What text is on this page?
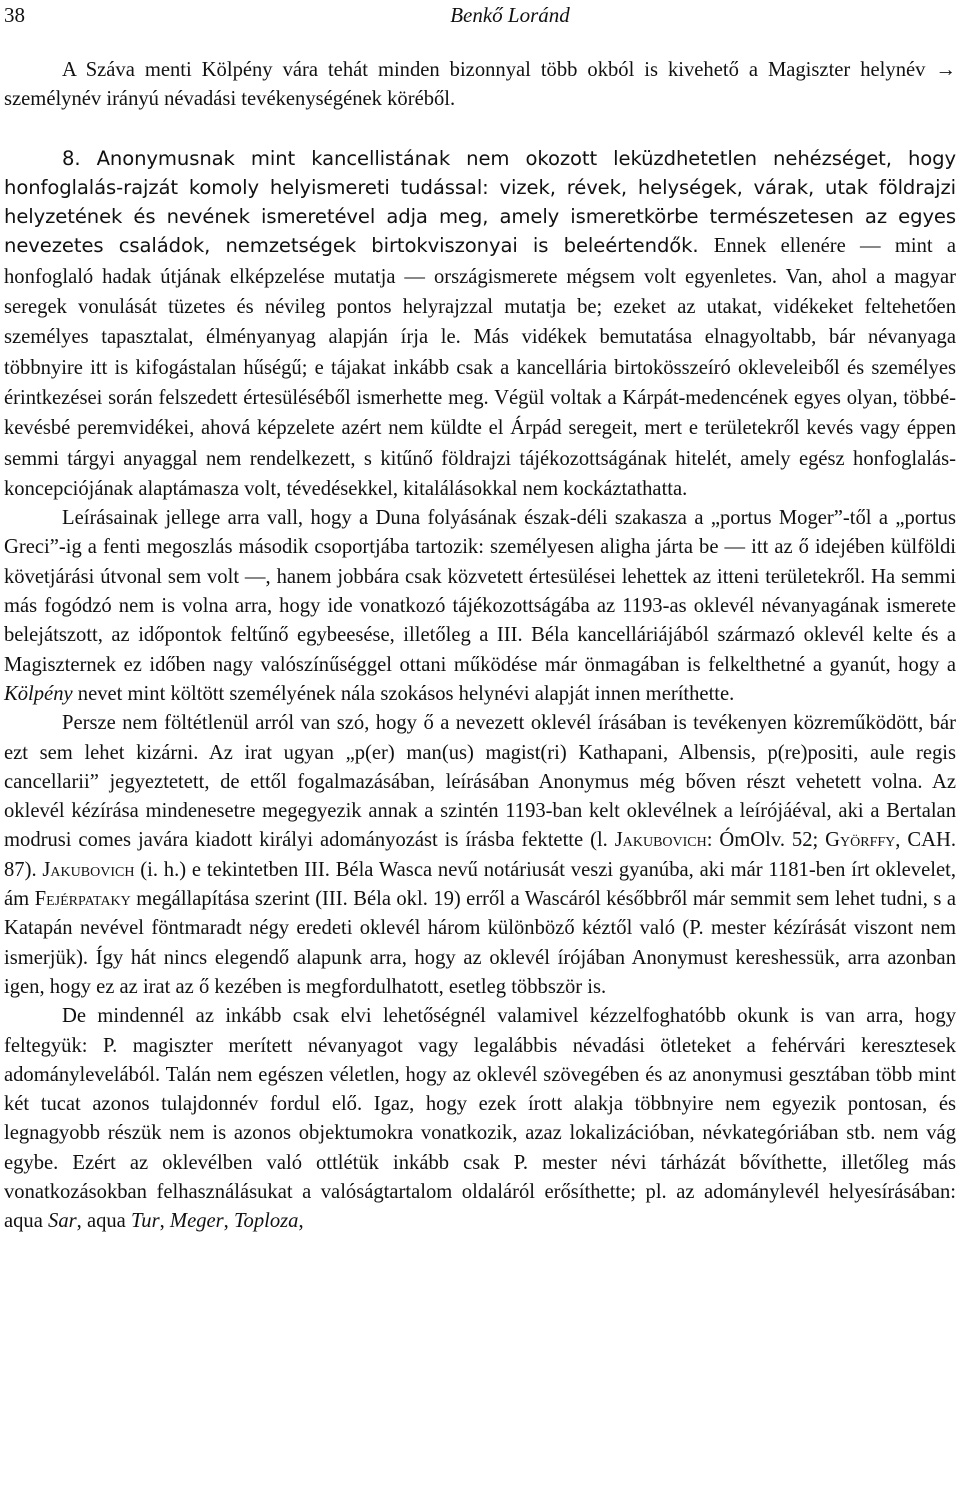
38	Benkő Loránd

A Száva menti Kölpény vára tehát minden bizonnyal több okból is kivehető a Magiszter helynév → személynév irányú névadási tevékenységének köréből.

8. Anonymusnak mint kancellistának nem okozott leküzdhetetlen nehézséget, hogy honfoglalás-rajzát komoly helyismereti tudással: vizek, révek, helységek, várak, utak földrajzi helyzetének és nevének ismeretével adja meg, amely ismeretkörbe természetesen az egyes nevezetes családok, nemzetségek birtokviszonyai is beleértendők. Ennek ellenére — mint a honfoglaló hadak útjának elképzelése mutatja — országismerete mégsem volt egyenletes. Van, ahol a magyar seregek vonulását tüzetes és névileg pontos helyrajzzal mutatja be; ezeket az utakat, vidékeket feltehetően személyes tapasztalat, élményanyag alapján írja le. Más vidékek bemutatása elnagyoltabb, bár névanyaga többnyire itt is kifogástalan hűségű; e tájakat inkább csak a kancellária birtokösszeíró okleveleiből és személyes érintkezései során felszedett értesüléséből ismerhette meg. Végül voltak a Kárpát-medencének egyes olyan, többé-kevésbé peremvidékei, ahová képzelete azért nem küldte el Árpád seregeit, mert e területekről kevés vagy éppen semmi tárgyi anyaggal nem rendelkezett, s kitűnő földrajzi tájékozottságának hitelét, amely egész honfoglalás-koncepciójának alaptámasza volt, tévedésekkel, kitalálásokkal nem kockáztathatta.

Leírásainak jellege arra vall, hogy a Duna folyásának észak-déli szakasza a „portus Moger”-től a „portus Greci”-ig a fenti megoszlás második csoportjába tartozik: személyesen aligha járta be — itt az ő idejében külföldi követjárási útvonal sem volt —, hanem jobbára csak közvetett értesülései lehettek az itteni területekről. Ha semmi más fogódzó nem is volna arra, hogy ide vonatkozó tájékozottságába az 1193-as oklevél névanyagának ismerete belejátszott, az időpontok feltűnő egybeesése, illetőleg a III. Béla kancelláriájából származó oklevél kelte és a Magiszternek ez időben nagy valószínűséggel ottani működése már önmagában is felkelthetné a gyanút, hogy a Kölpény nevet mint költött személyének nála szokásos helynévi alapját innen meríthette.

Persze nem föltétlenül arról van szó, hogy ő a nevezett oklevél írásában is tevékenyen közreműködött, bár ezt sem lehet kizárni. Az irat ugyan „p(er) man(us) magist(ri) Kathapani, Albensis, p(re)positi, aule regis cancellarii” jegyeztetett, de ettől fogalmazásában, leírásában Anonymus még bőven részt vehetett volna. Az oklevél kézírása mindenesetre megegyezik annak a szintén 1193-ban kelt oklevélnek a leírójáéval, aki a Bertalan modrusi comes javára kiadott királyi adományozást is írásba fektette (l. Jakubovich: ÓmOlv. 52; Györffy, CAH. 87). Jakubovich (i. h.) e tekintetben III. Béla Wasca nevű notáriusát veszi gyanúba, aki már 1181-ben írt oklevelet, ám Fejérpataky megállapítása szerint (III. Béla okl. 19) erről a Wascáról későbbről már semmit sem lehet tudni, s a Katapán nevével föntmaradt négy eredeti oklevél három különböző kéztől való (P. mester kézírását viszont nem ismerjük). Így hát nincs elegendő alapunk arra, hogy az oklevél írójában Anonymust kereshessük, arra azonban igen, hogy ez az irat az ő kezében is megfordulhatott, esetleg többször is.

De mindennél az inkább csak elvi lehetőségnél valamivel kézzelfoghatóbb okunk is van arra, hogy feltegyük: P. magiszter merített névanyagot vagy legalábbis névadási ötleteket a fehérvári keresztesek adománylevelából. Talán nem egészen véletlen, hogy az oklevél szövegében és az anonymusi gesztában több mint két tucat azonos tulajdonnév fordul elő. Igaz, hogy ezek írott alakja többnyire nem egyezik pontosan, és legnagyobb részük nem is azonos objektumokra vonatkozik, azaz lokalizációban, névkategóriában stb. nem vág egybe. Ezért az oklevélben való ottlétük inkább csak P. mester névi tárházát bővíthette, illetőleg más vonatkozásokban felhasználásukat a valóságtartalom oldaláról erősíthette; pl. az adománylevél helyesírásában: aqua Sar, aqua Tur, Meger, Toploza,
